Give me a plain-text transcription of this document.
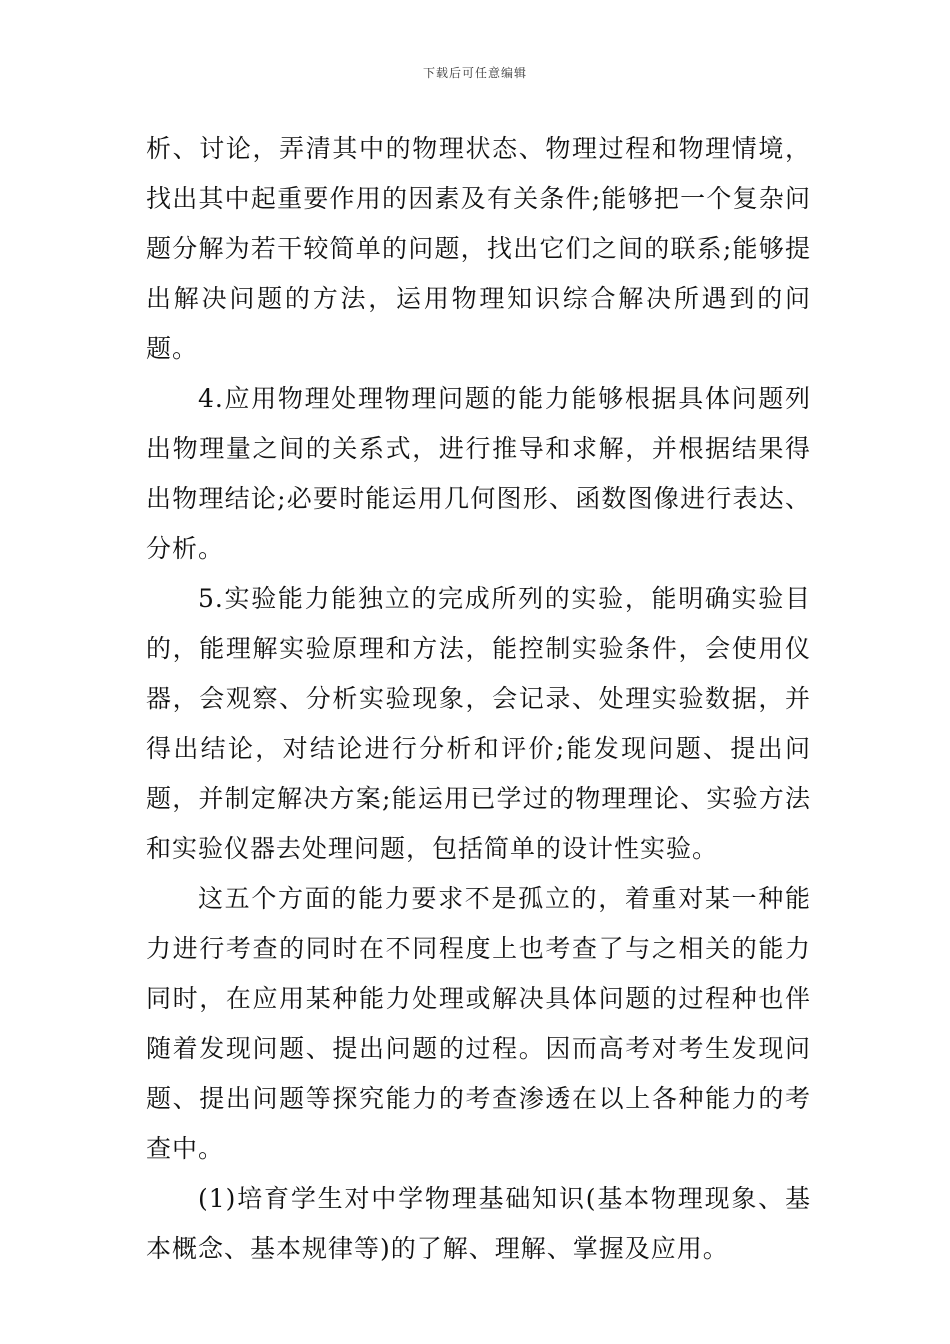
下载后可任意编辑

析、讨论，弄清其中的物理状态、物理过程和物理情境，找出其中起重要作用的因素及有关条件;能够把一个复杂问题分解为若干较简单的问题，找出它们之间的联系;能够提出解决问题的方法，运用物理知识综合解决所遇到的问题。

4.应用物理处理物理问题的能力能够根据具体问题列出物理量之间的关系式，进行推导和求解，并根据结果得出物理结论;必要时能运用几何图形、函数图像进行表达、分析。

5.实验能力能独立的完成所列的实验，能明确实验目的，能理解实验原理和方法，能控制实验条件，会使用仪器，会观察、分析实验现象，会记录、处理实验数据，并得出结论，对结论进行分析和评价;能发现问题、提出问题，并制定解决方案;能运用已学过的物理理论、实验方法和实验仪器去处理问题，包括简单的设计性实验。

这五个方面的能力要求不是孤立的，着重对某一种能力进行考查的同时在不同程度上也考查了与之相关的能力同时，在应用某种能力处理或解决具体问题的过程种也伴随着发现问题、提出问题的过程。因而高考对考生发现问题、提出问题等探究能力的考查渗透在以上各种能力的考查中。

(1)培育学生对中学物理基础知识(基本物理现象、基本概念、基本规律等)的了解、理解、掌握及应用。
